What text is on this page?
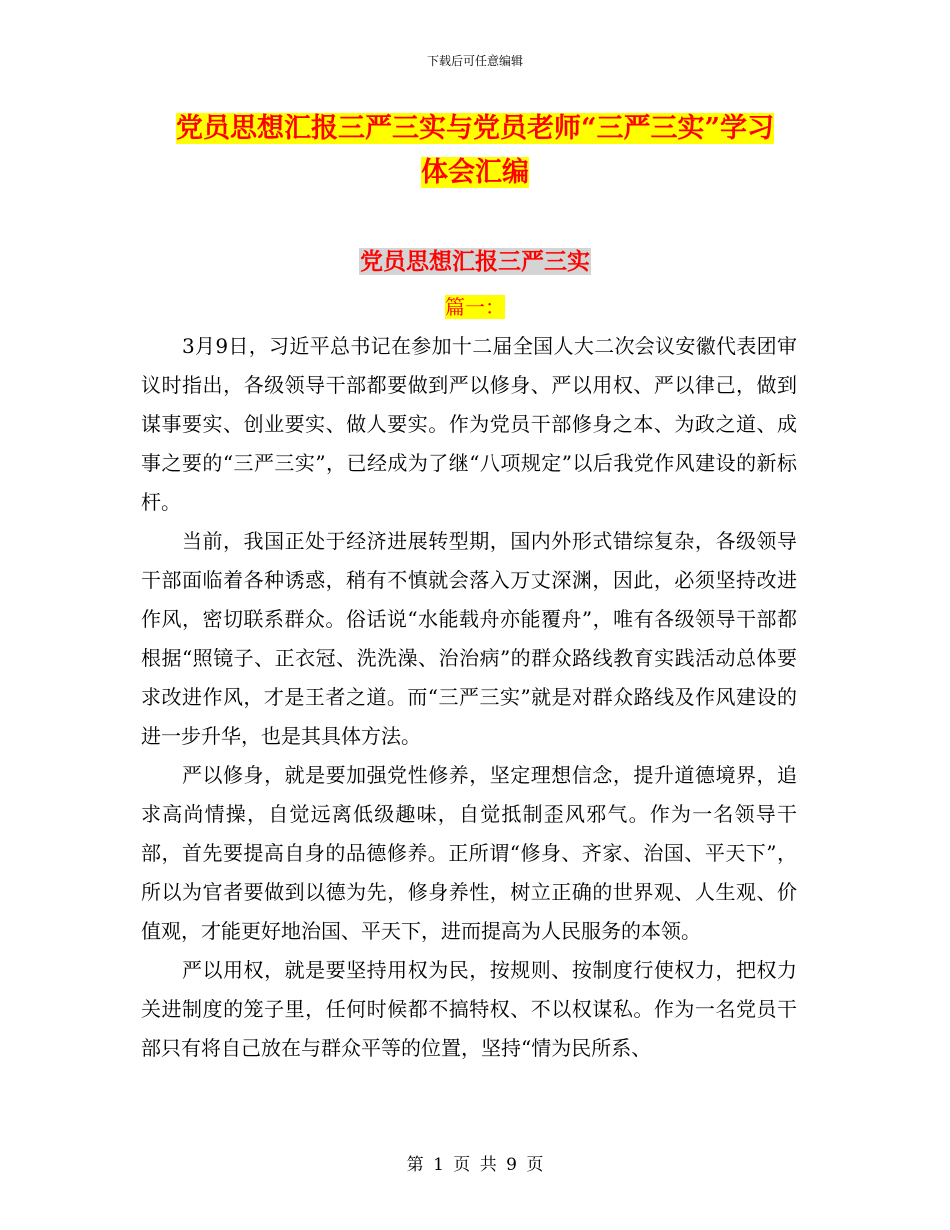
下载后可任意编辑
党员思想汇报三严三实与党员老师“三严三实”学习
体会汇编
党员思想汇报三严三实
篇一：

3月9日，习近平总书记在参加十二届全国人大二次会议安徽代表团审议时指出，各级领导干部都要做到严以修身、严以用权、严以律己，做到谋事要实、创业要实、做人要实。作为党员干部修身之本、为政之道、成事之要的“三严三实”，已经成为了继“八项规定”以后我党作风建设的新标杆。

当前，我国正处于经济进展转型期，国内外形式错综复杂，各级领导干部面临着各种诱惑，稍有不慎就会落入万丈深渊，因此，必须坚持改进作风，密切联系群众。俗话说“水能载舟亦能覆舟”，唯有各级领导干部都根据“照镜子、正衣冠、洗洗澡、治治病”的群众路线教育实践活动总体要求改进作风，才是王者之道。而“三严三实”就是对群众路线及作风建设的进一步升华，也是其具体方法。

严以修身，就是要加强党性修养，坚定理想信念，提升道德境界，追求高尚情操，自觉远离低级趣味，自觉抵制歪风邪气。作为一名领导干部，首先要提高自身的品德修养。正所谓“修身、齐家、治国、平天下”，所以为官者要做到以德为先，修身养性，树立正确的世界观、人生观、价值观，才能更好地治国、平天下，进而提高为人民服务的本领。

严以用权，就是要坚持用权为民，按规则、按制度行使权力，把权力关进制度的笼子里，任何时候都不搞特权、不以权谋私。作为一名党员干部只有将自己放在与群众平等的位置，坚持“情为民所系、

第 1 页 共 9 页
